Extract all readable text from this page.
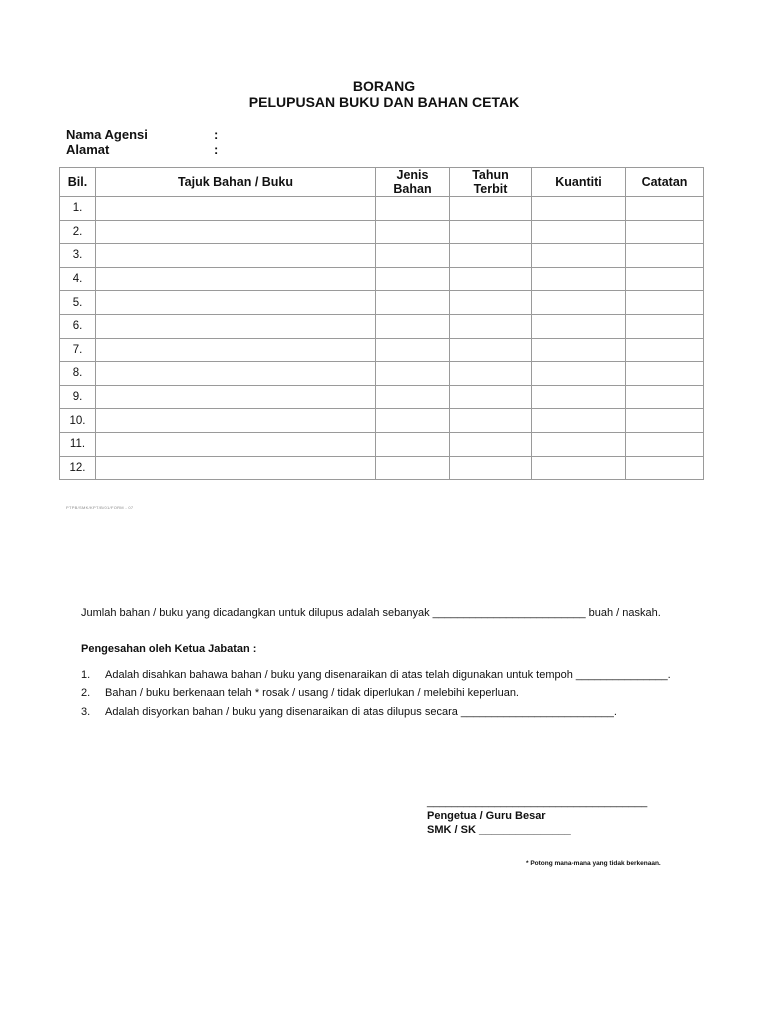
BORANG
PELUPUSAN BUKU DAN BAHAN CETAK
Nama Agensi	:
Alamat	:
Bil.	Tajuk Bahan / Buku	Jenis Bahan	Tahun Terbit	Kuantiti	Catatan
1.					
2.					
3.					
4.					
5.					
6.					
7.					
8.					
9.					
10.					
11.					
12.					
PTPB/SMK/KPT/B/01/FORM - 07
Jumlah bahan / buku yang dicadangkan untuk dilupus adalah sebanyak _________________________ buah / naskah.
Pengesahan oleh Ketua Jabatan :
1. Adalah disahkan bahawa bahan / buku yang disenaraikan di atas telah digunakan untuk tempoh _______________.
2. Bahan / buku berkenaan telah * rosak / usang / tidak diperlukan / melebihi keperluan.
3. Adalah disyorkan bahan / buku yang disenaraikan di atas dilupus secara _________________________.
____________________________________
Pengetua / Guru Besar
SMK / SK _______________
* Potong mana-mana yang tidak berkenaan.
